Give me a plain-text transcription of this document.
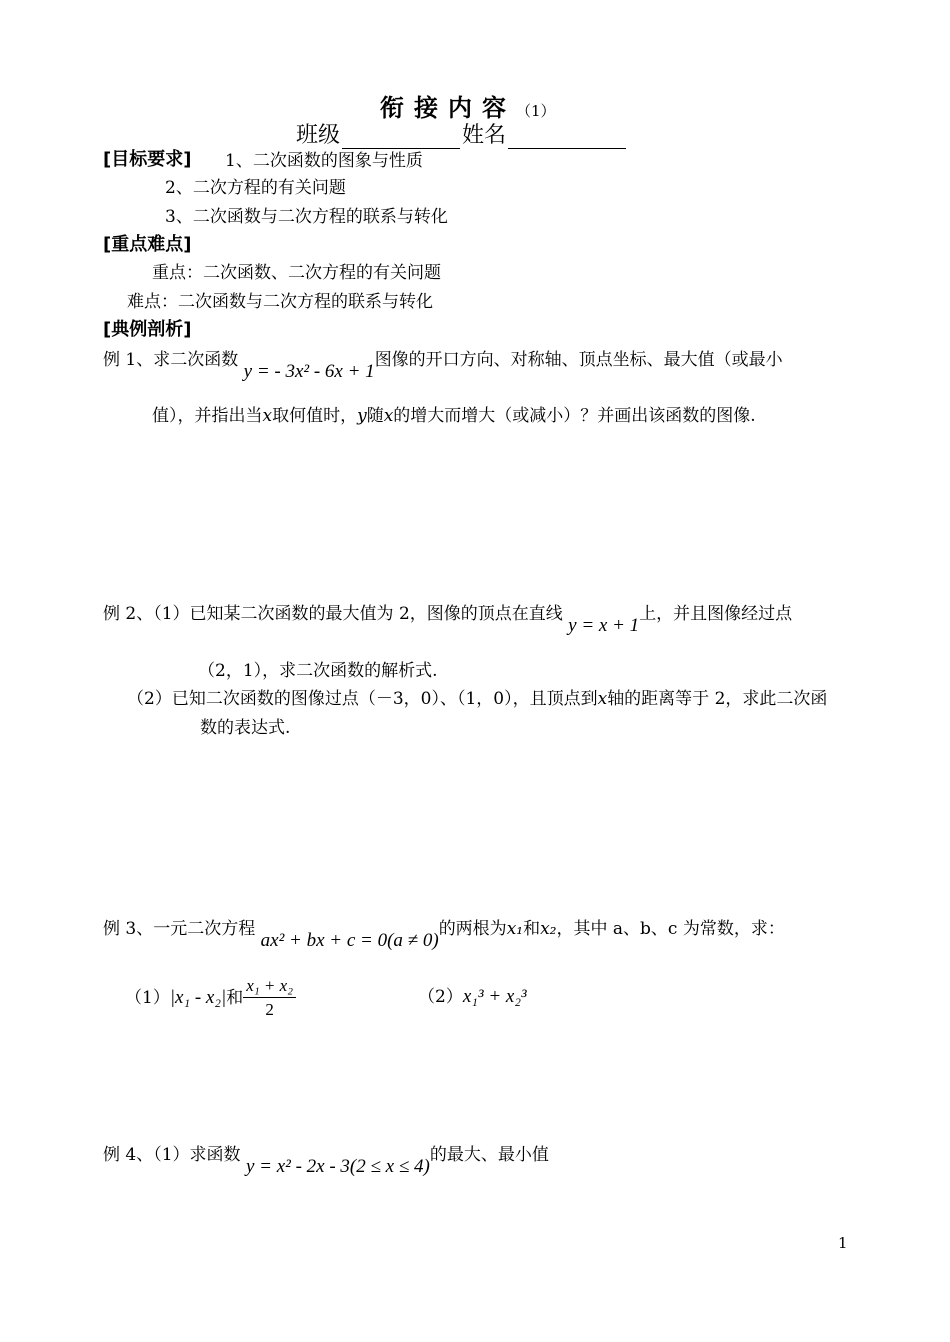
衔接内容（1）
班级	姓名
[目标要求] 1、二次函数的图象与性质
2、二次方程的有关问题
3、二次函数与二次方程的联系与转化
[重点难点]
重点：二次函数、二次方程的有关问题
难点：二次函数与二次方程的联系与转化
[典例剖析]
例 1、求二次函数 y = - 3x² - 6x + 1图像的开口方向、对称轴、顶点坐标、最大值（或最小
值），并指出当x取何值时，y随x的增大而增大（或减小）？并画出该函数的图像.
例 2、（1）已知某二次函数的最大值为 2，图像的顶点在直线 y = x + 1上，并且图像经过点
（2，1），求二次函数的解析式.
（2）已知二次函数的图像过点（－3，0）、（1，0），且顶点到x轴的距离等于 2，求此二次函
数的表达式.
例 3、一元二次方程 ax² + bx + c = 0(a ≠ 0)的两根为x₁和x₂，其中 a、b、c 为常数，求：
（1）|x₁ - x₂|和 $\frac{\text{x₁ + x₂}}{2}$	（2）x₁³ + x₂³
例 4、（1）求函数 y = x² - 2x - 3(2 ≤ x ≤ 4)的最大、最小值
1
